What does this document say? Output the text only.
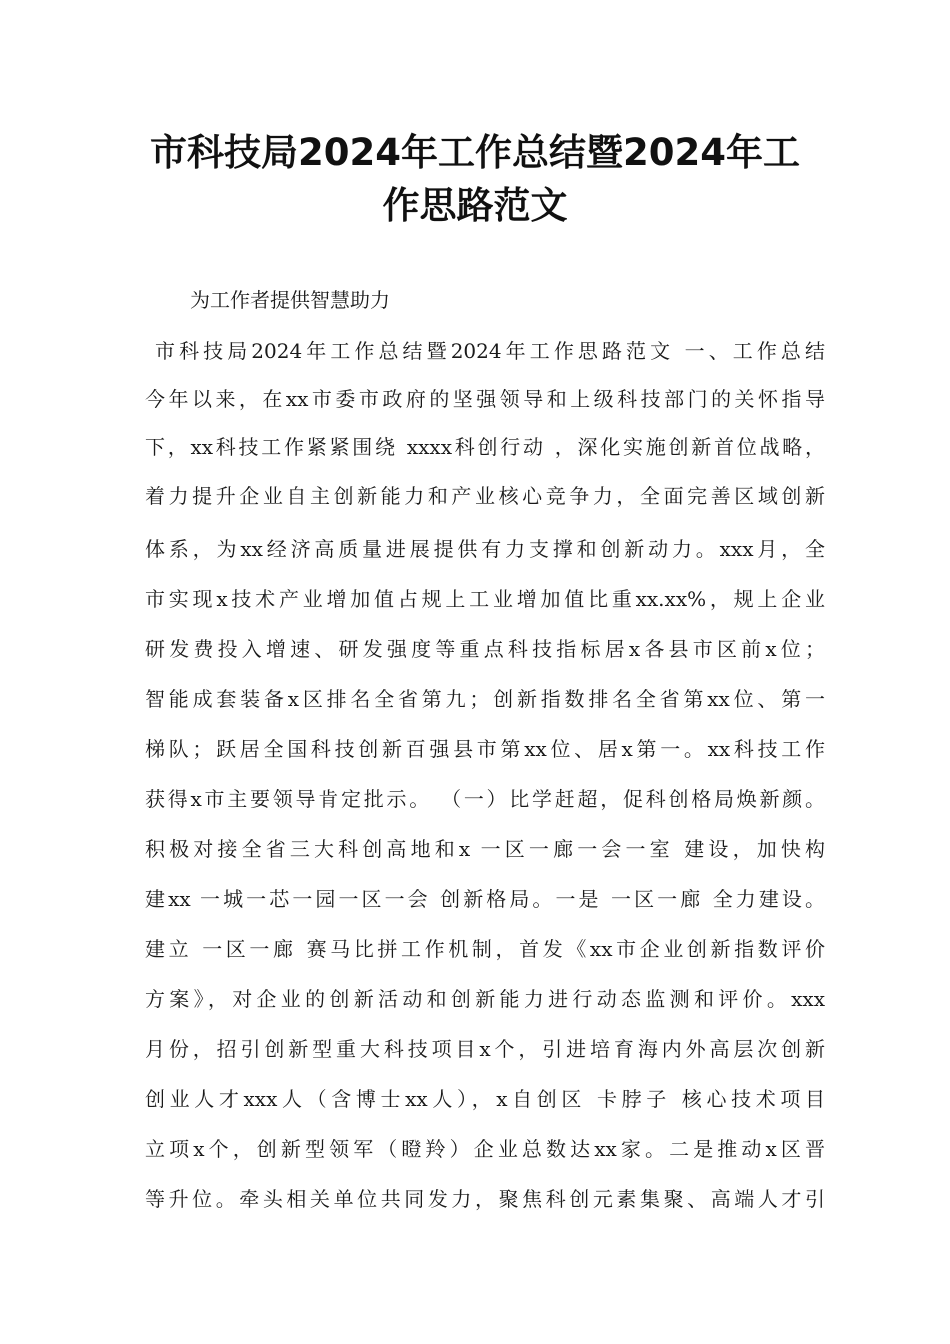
市科技局2024年工作总结暨2024年工
作思路范文
为工作者提供智慧助力
市科技局2024年工作总结暨2024年工作思路范文 一、工作总结
今年以来，在xx市委市政府的坚强领导和上级科技部门的关怀指导
下，xx科技工作紧紧围绕 xxxx科创行动 ，深化实施创新首位战略，
着力提升企业自主创新能力和产业核心竞争力，全面完善区域创新
体系，为xx经济高质量进展提供有力支撑和创新动力。xxx月，全
市实现x技术产业增加值占规上工业增加值比重xx.xx%，规上企业
研发费投入增速、研发强度等重点科技指标居x各县市区前x位；
智能成套装备x区排名全省第九；创新指数排名全省第xx位、第一
梯队；跃居全国科技创新百强县市第xx位、居x第一。xx科技工作
获得x市主要领导肯定批示。 （一）比学赶超，促科创格局焕新颜。
积极对接全省三大科创高地和x 一区一廊一会一室 建设，加快构
建xx 一城一芯一园一区一会 创新格局。一是 一区一廊 全力建设。
建立 一区一廊 赛马比拼工作机制，首发《xx市企业创新指数评价
方案》，对企业的创新活动和创新能力进行动态监测和评价。xxx
月份，招引创新型重大科技项目x个，引进培育海内外高层次创新
创业人才xxx人（含博士xx人），x自创区 卡脖子 核心技术项目
立项x个，创新型领军（瞪羚）企业总数达xx家。二是推动x区晋
等升位。牵头相关单位共同发力，聚焦科创元素集聚、高端人才引
